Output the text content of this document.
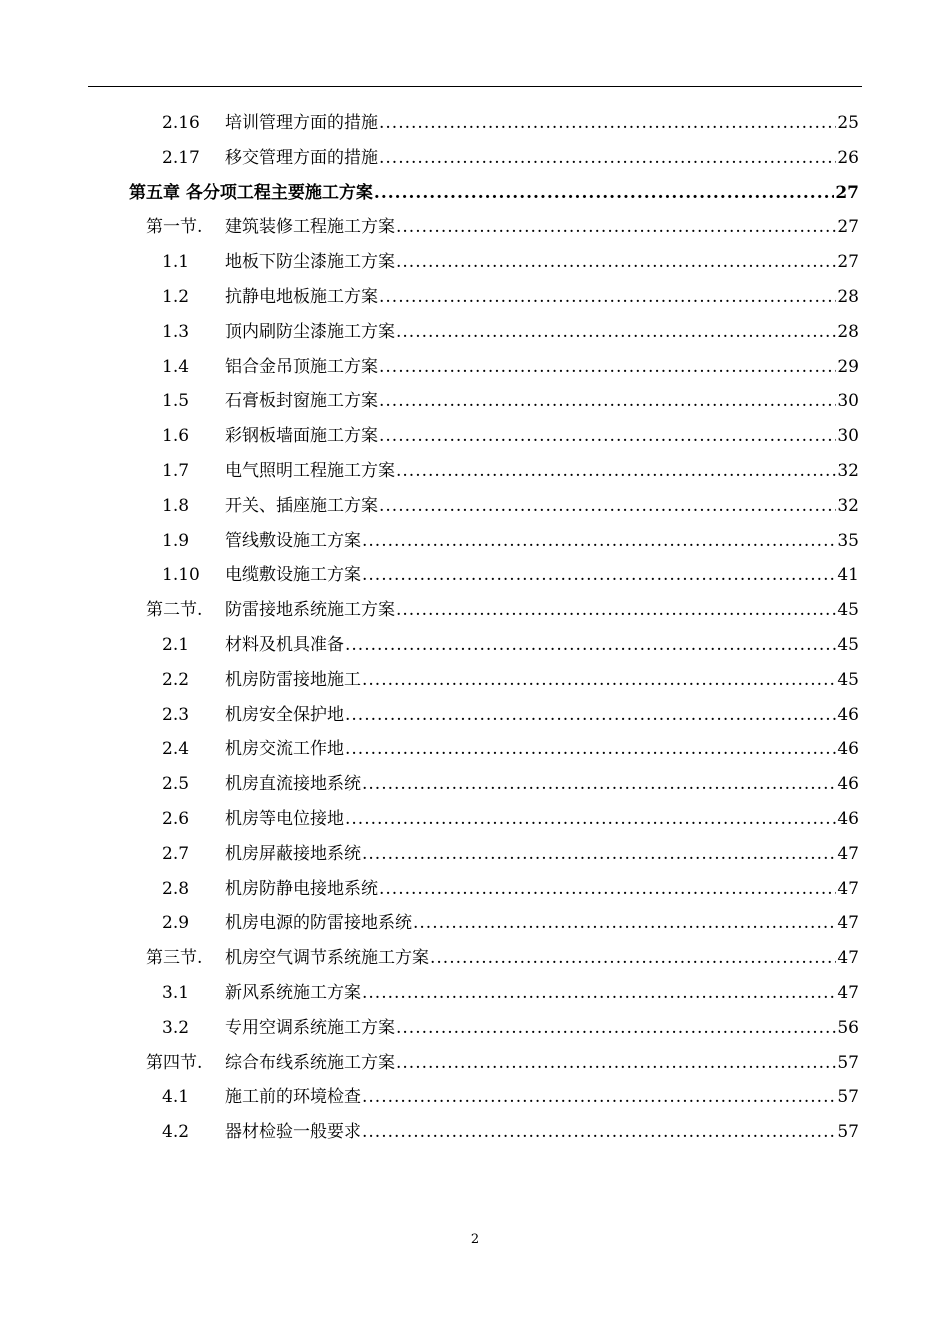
2.16 培训管理方面的措施 .....	25
2.17 移交管理方面的措施 .....	26
第五章 各分项工程主要施工方案 .....	27
第一节. 建筑装修工程施工方案 .....	27
1.1 地板下防尘漆施工方案 .....	27
1.2 抗静电地板施工方案 .....	28
1.3 顶内刷防尘漆施工方案 .....	28
1.4 铝合金吊顶施工方案 .....	29
1.5 石膏板封窗施工方案 .....	30
1.6 彩钢板墙面施工方案 .....	30
1.7 电气照明工程施工方案 .....	32
1.8 开关、插座施工方案 .....	32
1.9 管线敷设施工方案 .....	35
1.10 电缆敷设施工方案 .....	41
第二节. 防雷接地系统施工方案 .....	45
2.1 材料及机具准备 .....	45
2.2 机房防雷接地施工 .....	45
2.3 机房安全保护地 .....	46
2.4 机房交流工作地 .....	46
2.5 机房直流接地系统 .....	46
2.6 机房等电位接地 .....	46
2.7 机房屏蔽接地系统 .....	47
2.8 机房防静电接地系统 .....	47
2.9 机房电源的防雷接地系统 .....	47
第三节. 机房空气调节系统施工方案 .....	47
3.1 新风系统施工方案 .....	47
3.2 专用空调系统施工方案 .....	56
第四节. 综合布线系统施工方案 .....	57
4.1 施工前的环境检查 .....	57
4.2 器材检验一般要求 .....	57
2
